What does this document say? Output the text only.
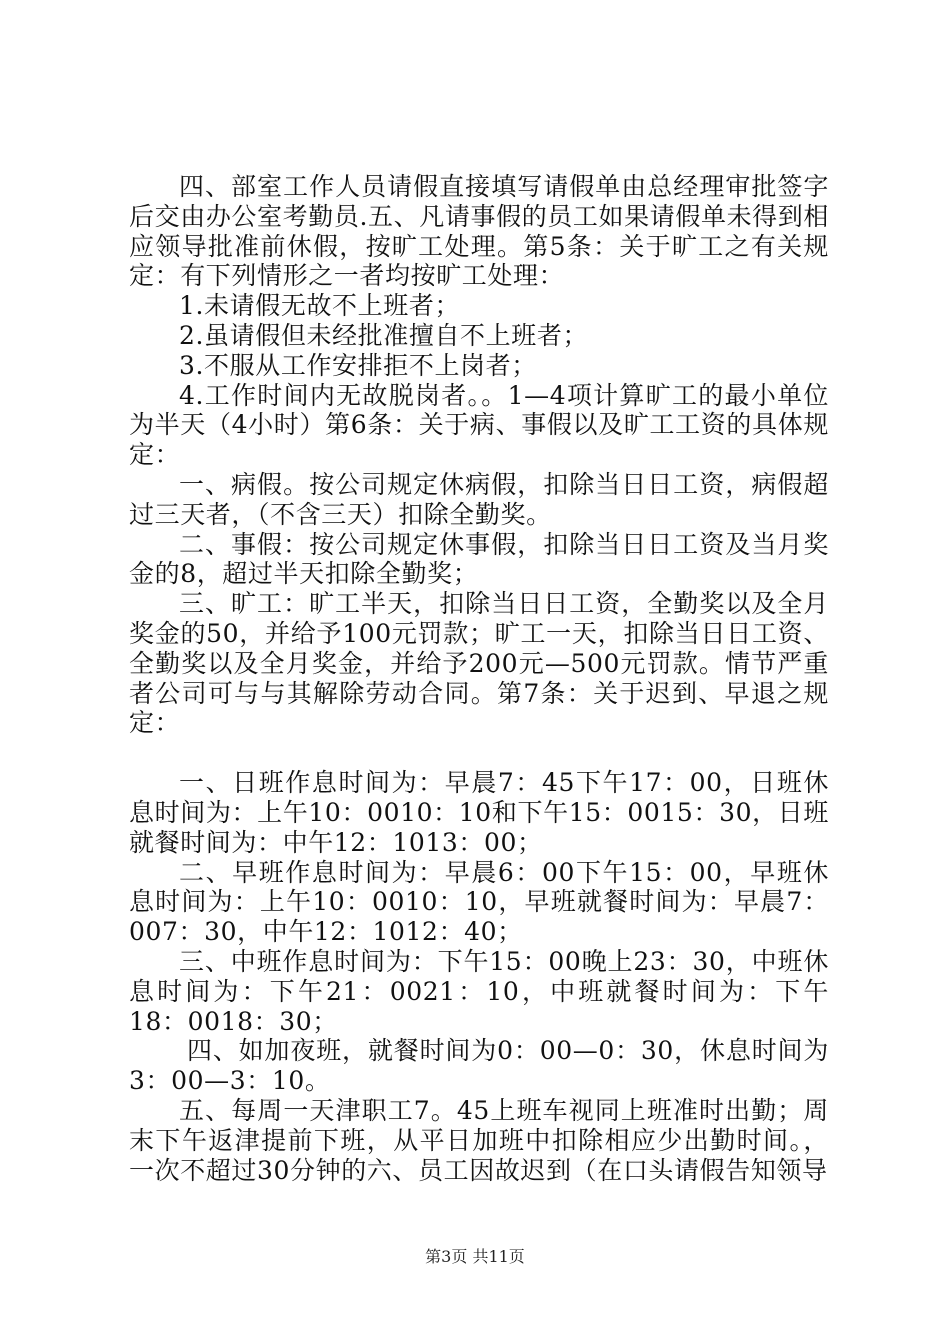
四、部室工作人员请假直接填写请假单由总经理审批签字后交由办公室考勤员.五、凡请事假的员工如果请假单未得到相应领导批准前休假，按旷工处理。第5条：关于旷工之有关规定：有下列情形之一者均按旷工处理：

1.未请假无故不上班者；

2.虽请假但未经批准擅自不上班者；

3.不服从工作安排拒不上岗者；

4.工作时间内无故脱岗者。。1—4项计算旷工的最小单位为半天（4小时）第6条：关于病、事假以及旷工工资的具体规定：

一、病假。按公司规定休病假，扣除当日日工资，病假超过三天者，（不含三天）扣除全勤奖。

二、事假：按公司规定休事假，扣除当日日工资及当月奖金的8，超过半天扣除全勤奖；

三、旷工：旷工半天，扣除当日日工资，全勤奖以及全月奖金的50，并给予100元罚款；旷工一天，扣除当日日工资、全勤奖以及全月奖金，并给予200元—500元罚款。情节严重者公司可与与其解除劳动合同。第7条：关于迟到、早退之规定：

一、日班作息时间为：早晨7：45下午17：00，日班休息时间为：上午10：0010：10和下午15：0015：30，日班就餐时间为：中午12：1013：00；

二、早班作息时间为：早晨6：00下午15：00，早班休息时间为：上午10：0010：10，早班就餐时间为：早晨7：007：30，中午12：1012：40；

三、中班作息时间为：下午15：00晚上23：30，中班休息时间为：下午21：0021：10，中班就餐时间为：下午18：0018：30；

四、如加夜班，就餐时间为0：00—0：30，休息时间为3：00—3：10。

五、每周一天津职工7。45上班车视同上班准时出勤；周末下午返津提前下班，从平日加班中扣除相应少出勤时间。，一次不超过30分钟的六、员工因故迟到（在口头请假告知领导

第3页 共11页
